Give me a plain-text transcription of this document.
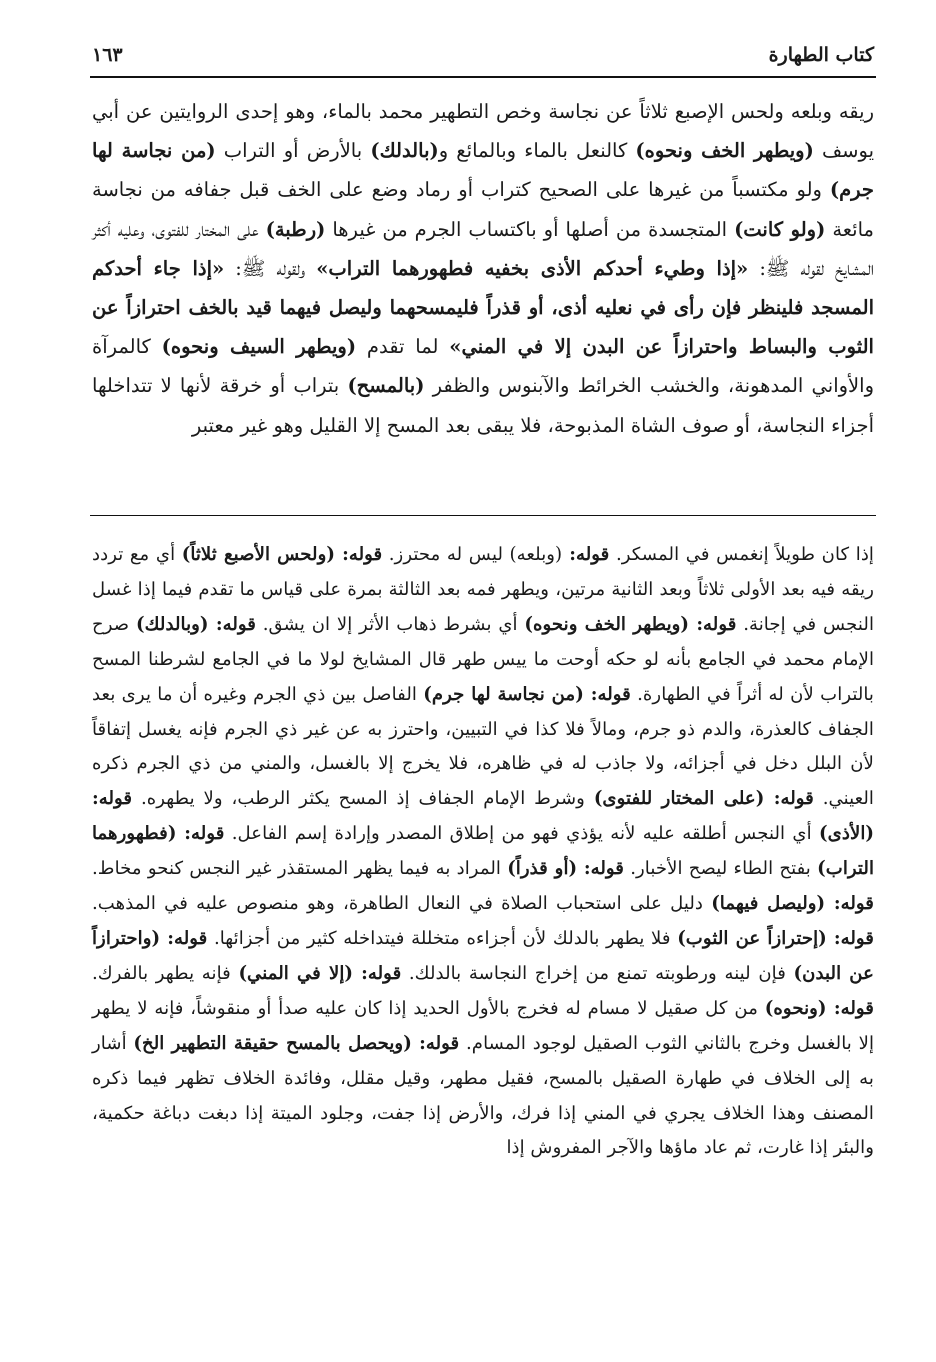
كتاب الطهارة
١٦٣

ريقه وبلعه ولحس الإصبع ثلاثاً عن نجاسة وخص التطهير محمد بالماء، وهو إحدى الروايتين عن أبي يوسف (ويطهر الخف ونحوه) كالنعل بالماء وبالمائع و(بالدلك) بالأرض أو التراب (من نجاسة لها جرم) ولو مكتسباً من غيرها على الصحيح كتراب أو رماد وضع على الخف قبل جفافه من نجاسة مائعة (ولو كانت) المتجسدة من أصلها أو باكتساب الجرم من غيرها (رطبة) على المختار للفتوى، وعليه أكثر المشايخ لقوله ﷺ: «إذا وطيء أحدكم الأذى بخفيه فطهورهما التراب» ولقوله ﷺ: «إذا جاء أحدكم المسجد فلينظر فإن رأى في نعليه أذى، أو قذراً فليمسحهما وليصل فيهما قيد بالخف احترازاً عن الثوب والبساط واحترازاً عن البدن إلا في المني» لما تقدم (ويطهر السيف ونحوه) كالمرآة والأواني المدهونة، والخشب الخرائط والآبنوس والظفر (بالمسح) بتراب أو خرقة لأنها لا تتداخلها أجزاء النجاسة، أو صوف الشاة المذبوحة، فلا يبقى بعد المسح إلا القليل وهو غير معتبر

إذا كان طويلاً إنغمس في المسكر. قوله: (وبلعه) ليس له محترز. قوله: (ولحس الأصبع ثلاثاً) أي مع تردد ريقه فيه بعد الأولى ثلاثاً وبعد الثانية مرتين، ويطهر فمه بعد الثالثة بمرة على قياس ما تقدم فيما إذا غسل النجس في إجانة. قوله: (ويطهر الخف ونحوه) أي بشرط ذهاب الأثر إلا ان يشق. قوله: (وبالدلك) صرح الإمام محمد في الجامع بأنه لو حكه أوحت ما ييس طهر قال المشايخ لولا ما في الجامع لشرطنا المسح بالتراب لأن له أثراً في الطهارة. قوله: (من نجاسة لها جرم) الفاصل بين ذي الجرم وغيره أن ما يرى بعد الجفاف كالعذرة، والدم ذو جرم، ومالاً فلا كذا في التبيين، واحترز به عن غير ذي الجرم فإنه يغسل إتفاقاً لأن البلل دخل في أجزائه، ولا جاذب له في ظاهره، فلا يخرج إلا بالغسل، والمني من ذي الجرم ذكره العيني. قوله: (على المختار للفتوى) وشرط الإمام الجفاف إذ المسح يكثر الرطب، ولا يطهره. قوله: (الأذى) أي النجس أطلقه عليه لأنه يؤذي فهو من إطلاق المصدر وإرادة إسم الفاعل. قوله: (فطهورهما التراب) بفتح الطاء ليصح الأخبار. قوله: (أو قذراً) المراد به فيما يظهر المستقذر غير النجس كنحو مخاط. قوله: (وليصل فيهما) دليل على استحباب الصلاة في النعال الطاهرة، وهو منصوص عليه في المذهب. قوله: (إحترازاً عن الثوب) فلا يطهر بالدلك لأن أجزاءه متخللة فيتداخله كثير من أجزائها. قوله: (واحترازاً عن البدن) فإن لينه ورطوبته تمنع من إخراج النجاسة بالدلك. قوله: (إلا في المني) فإنه يطهر بالفرك. قوله: (ونحوه) من كل صقيل لا مسام له فخرج بالأول الحديد إذا كان عليه صدأ أو منقوشاً، فإنه لا يطهر إلا بالغسل وخرج بالثاني الثوب الصقيل لوجود المسام. قوله: (ويحصل بالمسح حقيقة التطهير الخ) أشار به إلى الخلاف في طهارة الصقيل بالمسح، فقيل مطهر، وقيل مقلل، وفائدة الخلاف تظهر فيما ذكره المصنف وهذا الخلاف يجري في المني إذا فرك، والأرض إذا جفت، وجلود الميتة إذا دبغت دباغة حكمية، والبئر إذا غارت، ثم عاد ماؤها والآجر المفروش إذا
